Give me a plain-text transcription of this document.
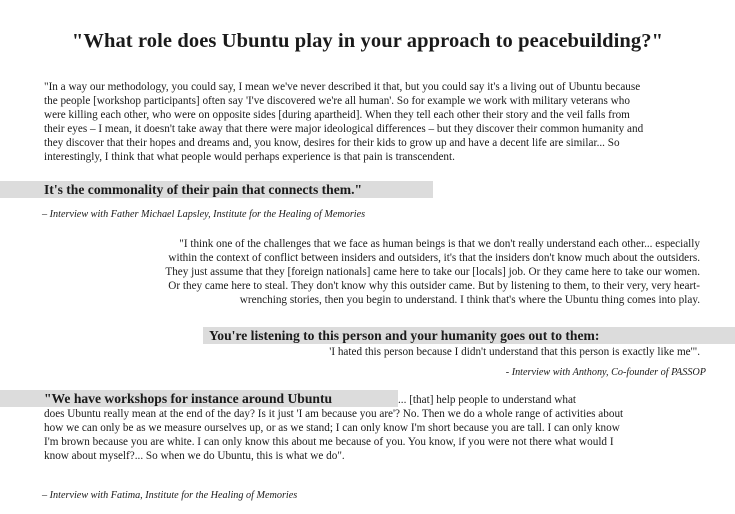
"What role does Ubuntu play in your approach to peacebuilding?"
"In a way our methodology, you could say, I mean we've never described it that, but you could say it's a living out of Ubuntu because the people [workshop participants] often say 'I've discovered we're all human'. So for example we work with military veterans who were killing each other, who were on opposite sides [during apartheid]. When they tell each other their story and the veil falls from their eyes – I mean, it doesn't take away that there were major ideological differences – but they discover their common humanity and they discover that their hopes and dreams and, you know, desires for their kids to grow up and have a decent life are similar... So interestingly, I think that what people would perhaps experience is that pain is transcendent.
It's the commonality of their pain that connects them."
– Interview with Father Michael Lapsley, Institute for the Healing of Memories
"I think one of the challenges that we face as human beings is that we don't really understand each other... especially within the context of conflict between insiders and outsiders, it's that the insiders don't know much about the outsiders. They just assume that they [foreign nationals] came here to take our [locals] job. Or they came here to take our women. Or they came here to steal. They don't know why this outsider came. But by listening to them, to their very, very heart-wrenching stories, then you begin to understand. I think that's where the Ubuntu thing comes into play.
You're listening to this person and your humanity goes out to them:
'I hated this person because I didn't understand that this person is exactly like me'".
- Interview with Anthony, Co-founder of PASSOP
"We have workshops for instance around Ubuntu	... [that] help people to understand what
does Ubuntu really mean at the end of the day? Is it just 'I am because you are'? No. Then we do a whole range of activities about how we can only be as we measure ourselves up, or as we stand; I can only know I'm short because you are tall. I can only know I'm brown because you are white. I can only know this about me because of you. You know, if you were not there what would I know about myself?... So when we do Ubuntu, this is what we do".
– Interview with Fatima, Institute for the Healing of Memories
